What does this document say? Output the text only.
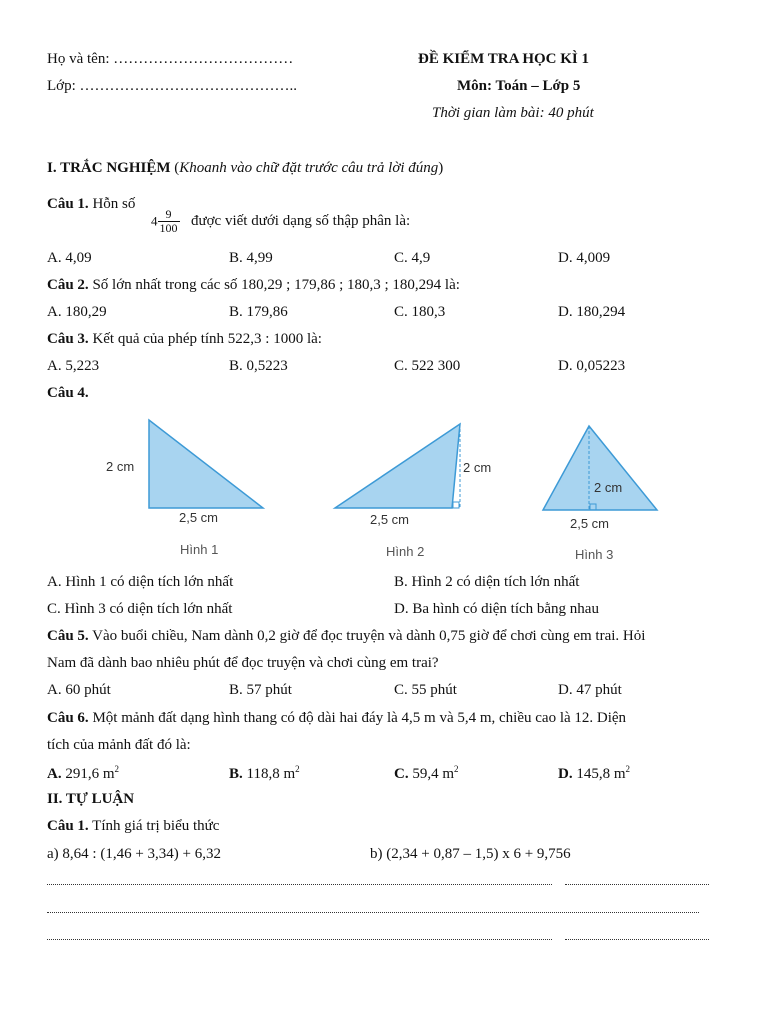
Họ và tên: ………………………………
Lớp: ……………………………………..
ĐỀ KIỂM TRA HỌC KÌ 1
Môn: Toán – Lớp 5
Thời gian làm bài: 40 phút
I. TRẮC NGHIỆM (Khoanh vào chữ đặt trước câu trả lời đúng)
Câu 1. Hỗn số
$4 \frac{9}{100}$ được viết dưới dạng số thập phân là:
A. 4,09	B. 4,99	C. 4,9	D. 4,009
Câu 2. Số lớn nhất trong các số 180,29 ; 179,86 ; 180,3 ; 180,294 là:
A. 180,29	B. 179,86	C. 180,3	D. 180,294
Câu 3. Kết quả của phép tính 522,3 : 1000 là:
A. 5,223	B. 0,5223	C. 522 300	D. 0,05223
Câu 4.
2 cm
2,5 cm
Hình 1
2 cm
2,5 cm
Hình 2
2 cm
2,5 cm
Hình 3
A. Hình 1 có diện tích lớn nhất	B. Hình 2 có diện tích lớn nhất
C. Hình 3 có diện tích lớn nhất	D. Ba hình có diện tích bằng nhau
Câu 5. Vào buổi chiều, Nam dành 0,2 giờ để đọc truyện và dành 0,75 giờ để chơi cùng em trai. Hỏi
Nam đã dành bao nhiêu phút để đọc truyện và chơi cùng em trai?
A. 60 phút	B. 57 phút	C. 55 phút	D. 47 phút
Câu 6. Một mảnh đất dạng hình thang có độ dài hai đáy là 4,5 m và 5,4 m, chiều cao là 12. Diện
tích của mảnh đất đó là:
A. 291,6 $m^2$	B. 118,8 $m^2$	C. 59,4 $m^2$	D. 145,8 $m^2$
II. TỰ LUẬN
Câu 1. Tính giá trị biểu thức
a) 8,64 : (1,46 + 3,34) + 6,32	b) (2,34 + 0,87 – 1,5) x 6 + 9,756
